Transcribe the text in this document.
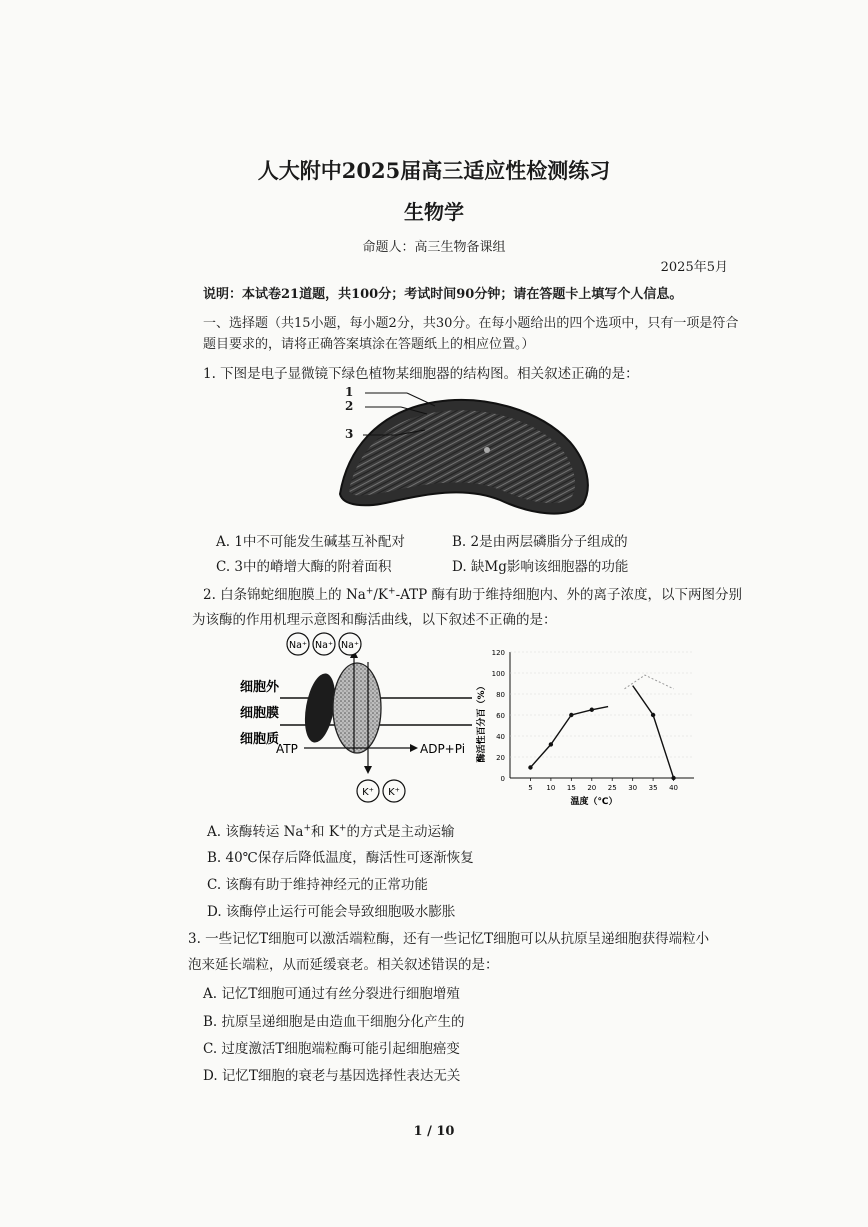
人大附中2025届高三适应性检测练习
生物学
命题人：高三生物备课组
2025年5月
说明：本试卷21道题，共100分；考试时间90分钟；请在答题卡上填写个人信息。
一、选择题（共15小题，每小题2分，共30分。在每小题给出的四个选项中，只有一项是符合题目要求的，请将正确答案填涂在答题纸上的相应位置。）
1. 下图是电子显微镜下绿色植物某细胞器的结构图。相关叙述正确的是：
1
2
3
A. 1中不可能发生碱基互补配对	B. 2是由两层磷脂分子组成的
C. 3中的嵴增大酶的附着面积	D. 缺Mg影响该细胞器的功能
2. 白条锦蛇细胞膜上的 Na+/K+-ATP 酶有助于维持细胞内、外的离子浓度，以下两图分别
为该酶的作用机理示意图和酶活曲线，以下叙述不正确的是：
Na⁺ Na⁺ Na⁺
K⁺ K⁺
细胞外
细胞膜
细胞质
ATP	ADP+Pi
0
20
40
60
80
100
120
5 10 15 20 25 30 35 40
温度（℃）
酶活性百分百（%）
A. 该酶转运 Na+和 K+的方式是主动运输
B. 40℃保存后降低温度，酶活性可逐渐恢复
C. 该酶有助于维持神经元的正常功能
D. 该酶停止运行可能会导致细胞吸水膨胀
3. 一些记忆T细胞可以激活端粒酶，还有一些记忆T细胞可以从抗原呈递细胞获得端粒小
泡来延长端粒，从而延缓衰老。相关叙述错误的是：
A. 记忆T细胞可通过有丝分裂进行细胞增殖
B. 抗原呈递细胞是由造血干细胞分化产生的
C. 过度激活T细胞端粒酶可能引起细胞癌变
D. 记忆T细胞的衰老与基因选择性表达无关
1 / 10
